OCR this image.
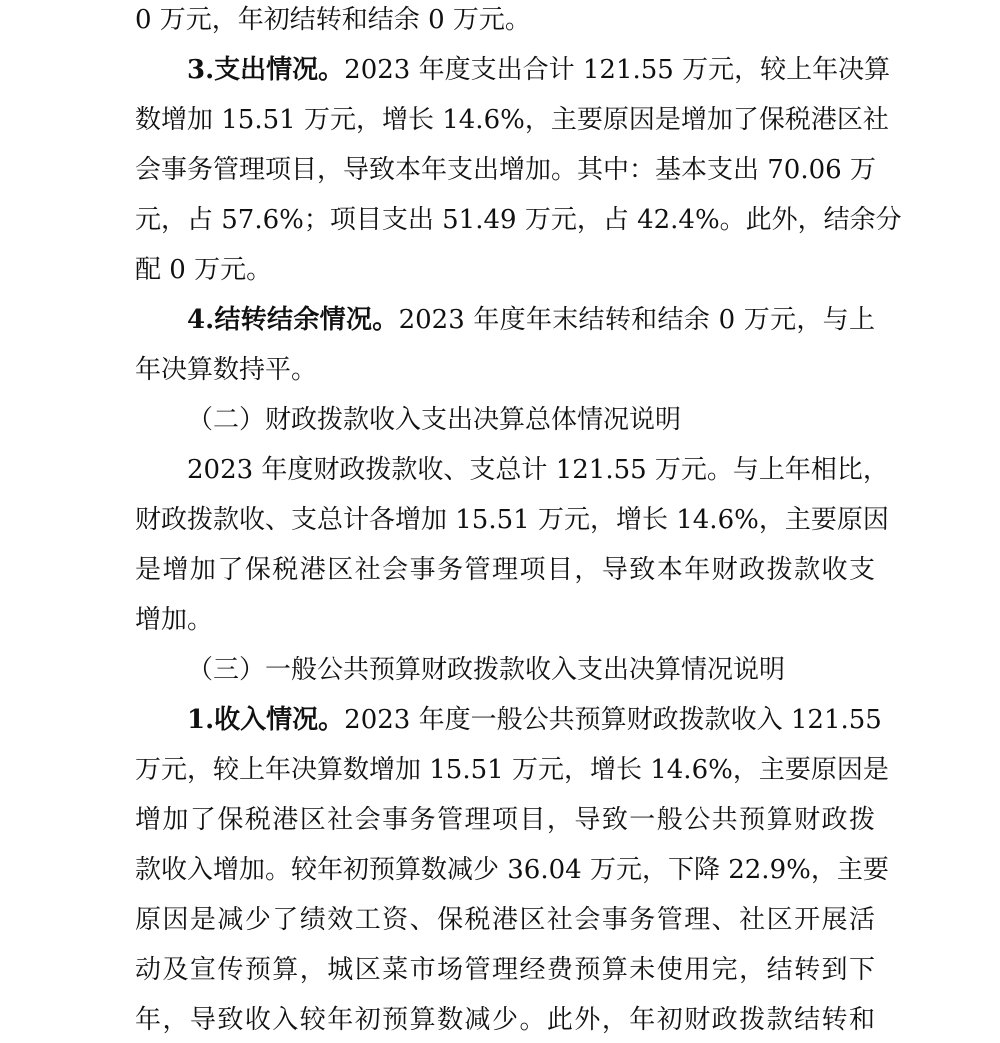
0 万元，年初结转和结余 0 万元。
3.支出情况。2023 年度支出合计 121.55 万元，较上年决算
数增加 15.51 万元，增长 14.6%，主要原因是增加了保税港区社
会事务管理项目，导致本年支出增加。其中：基本支出 70.06 万
元，占 57.6%；项目支出 51.49 万元，占 42.4%。此外，结余分
配 0 万元。
4.结转结余情况。2023 年度年末结转和结余 0 万元，与上
年决算数持平。
（二）财政拨款收入支出决算总体情况说明
2023 年度财政拨款收、支总计 121.55 万元。与上年相比，
财政拨款收、支总计各增加 15.51 万元，增长 14.6%，主要原因
是增加了保税港区社会事务管理项目，导致本年财政拨款收支
增加。
（三）一般公共预算财政拨款收入支出决算情况说明
1.收入情况。2023 年度一般公共预算财政拨款收入 121.55
万元，较上年决算数增加 15.51 万元，增长 14.6%，主要原因是
增加了保税港区社会事务管理项目，导致一般公共预算财政拨
款收入增加。较年初预算数减少 36.04 万元，下降 22.9%，主要
原因是减少了绩效工资、保税港区社会事务管理、社区开展活
动及宣传预算，城区菜市场管理经费预算未使用完，结转到下
年，导致收入较年初预算数减少。此外，年初财政拨款结转和
